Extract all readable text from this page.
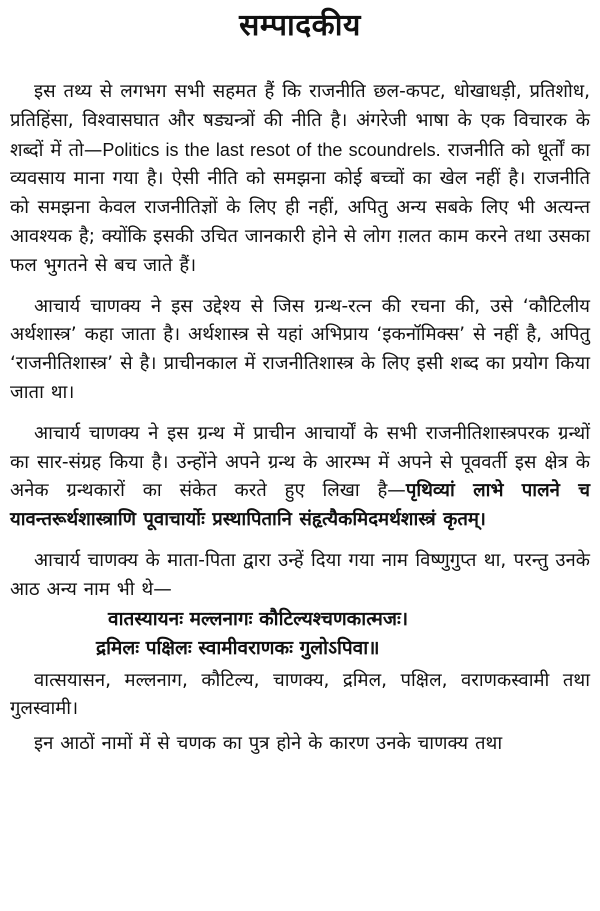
सम्पादकीय

इस तथ्य से लगभग सभी सहमत हैं कि राजनीति छल-कपट, धोखाधड़ी, प्रतिशोध, प्रतिहिंसा, विश्वासघात और षड्यन्त्रों की नीति है। अंगरेजी भाषा के एक विचारक के शब्दों में तो—Politics is the last resot of the scoundrels. राजनीति को धूर्तों का व्यवसाय माना गया है। ऐसी नीति को समझना कोई बच्चों का खेल नहीं है। राजनीति को समझना केवल राजनीतिज्ञों के लिए ही नहीं, अपितु अन्य सबके लिए भी अत्यन्त आवश्यक है; क्योंकि इसकी उचित जानकारी होने से लोग ग़लत काम करने तथा उसका फल भुगतने से बच जाते हैं।

आचार्य चाणक्य ने इस उद्देश्य से जिस ग्रन्थ-रत्न की रचना की, उसे ‘कौटिलीय अर्थशास्त्र’ कहा जाता है। अर्थशास्त्र से यहां अभिप्राय ‘इकनॉमिक्स’ से नहीं है, अपितु ‘राजनीतिशास्त्र’ से है। प्राचीनकाल में राजनीतिशास्त्र के लिए इसी शब्द का प्रयोग किया जाता था।

आचार्य चाणक्य ने इस ग्रन्थ में प्राचीन आचार्यों के सभी राजनीतिशास्त्रपरक ग्रन्थों का सार-संग्रह किया है। उन्होंने अपने ग्रन्थ के आरम्भ में अपने से पूववर्ती इस क्षेत्र के अनेक ग्रन्थकारों का संकेत करते हुए लिखा है—पृथिव्यां लाभे पालने च यावन्तरूर्थशास्त्राणि पूवाचार्योः प्रस्थापितानि संहृत्यैकमिदमर्थशास्त्रं कृतम्।

आचार्य चाणक्य के माता-पिता द्वारा उन्हें दिया गया नाम विष्णुगुप्त था, परन्तु उनके आठ अन्य नाम भी थे—

वातस्यायनः मल्लनागः कौटिल्यश्चणकात्मजः।

द्रमिलः पक्षिलः स्वामीवराणकः गुलोऽपिवा॥

वात्सयासन, मल्लनाग, कौटिल्य, चाणक्य, द्रमिल, पक्षिल, वराणकस्वामी तथा गुलस्वामी।

इन आठों नामों में से चणक का पुत्र होने के कारण उनके चाणक्य तथा
